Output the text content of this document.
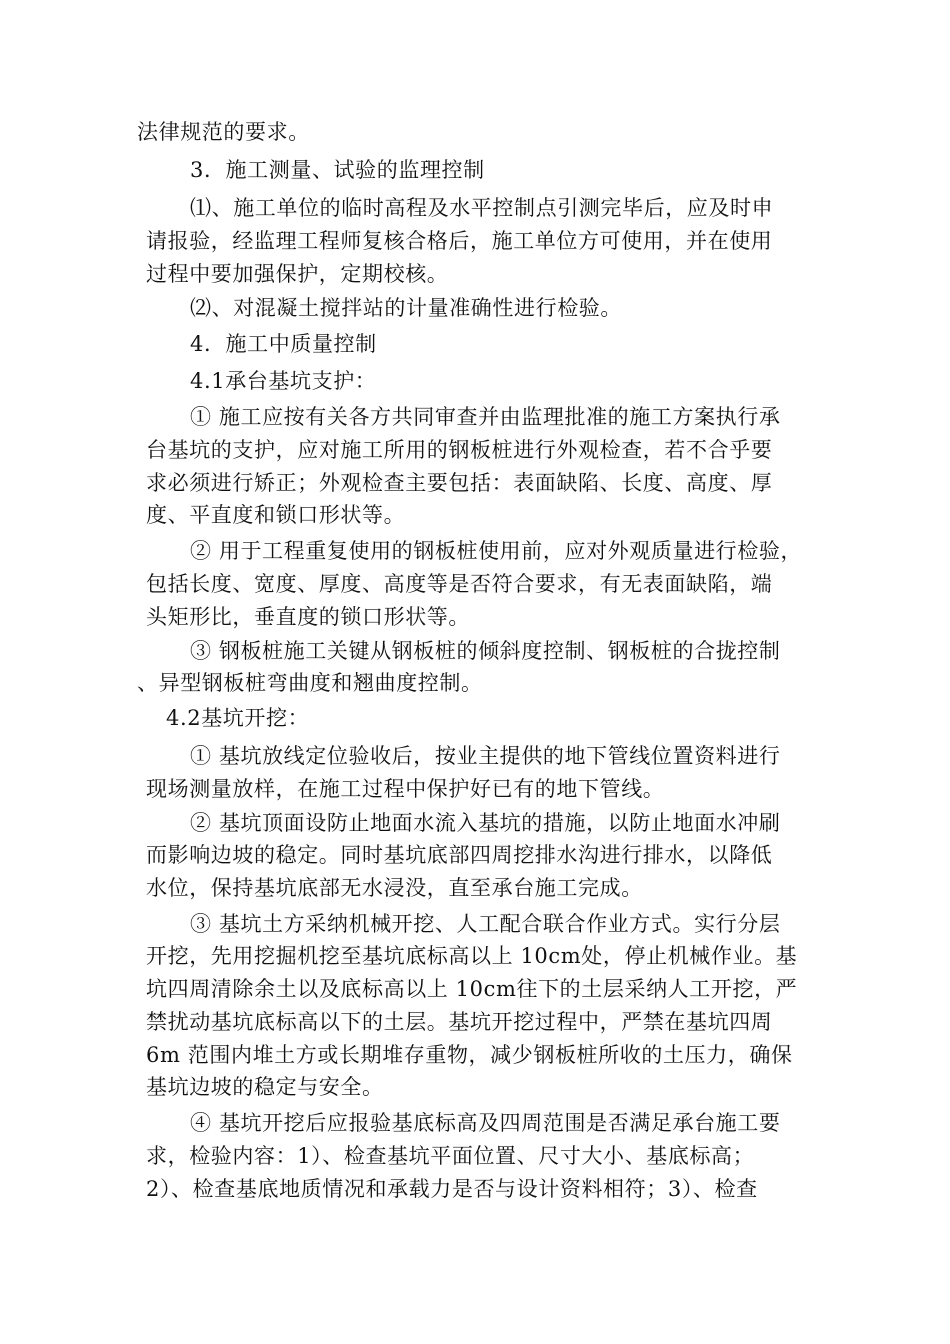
法律规范的要求。
3．施工测量、试验的监理控制
⑴、施工单位的临时高程及水平控制点引测完毕后，应及时申
请报验，经监理工程师复核合格后，施工单位方可使用，并在使用
过程中要加强保护，定期校核。
⑵、对混凝土搅拌站的计量准确性进行检验。
4．施工中质量控制
4.1承台基坑支护：
① 施工应按有关各方共同审查并由监理批准的施工方案执行承
台基坑的支护，应对施工所用的钢板桩进行外观检查，若不合乎要
求必须进行矫正；外观检查主要包括：表面缺陷、长度、高度、厚
度、平直度和锁口形状等。
② 用于工程重复使用的钢板桩使用前，应对外观质量进行检验，
包括长度、宽度、厚度、高度等是否符合要求，有无表面缺陷，端
头矩形比，垂直度的锁口形状等。
③ 钢板桩施工关键从钢板桩的倾斜度控制、钢板桩的合拢控制
、异型钢板桩弯曲度和翘曲度控制。
4.2基坑开挖：
① 基坑放线定位验收后，按业主提供的地下管线位置资料进行
现场测量放样，在施工过程中保护好已有的地下管线。
② 基坑顶面设防止地面水流入基坑的措施，以防止地面水冲刷
而影响边坡的稳定。同时基坑底部四周挖排水沟进行排水，以降低
水位，保持基坑底部无水浸没，直至承台施工完成。
③ 基坑土方采纳机械开挖、人工配合联合作业方式。实行分层
开挖，先用挖掘机挖至基坑底标高以上 10cm处，停止机械作业。基
坑四周清除余土以及底标高以上 10cm往下的土层采纳人工开挖，严
禁扰动基坑底标高以下的土层。基坑开挖过程中，严禁在基坑四周
6m 范围内堆土方或长期堆存重物，减少钢板桩所收的土压力，确保
基坑边坡的稳定与安全。
④ 基坑开挖后应报验基底标高及四周范围是否满足承台施工要
求，检验内容：1）、检查基坑平面位置、尺寸大小、基底标高；
2）、检查基底地质情况和承载力是否与设计资料相符；3）、检查
